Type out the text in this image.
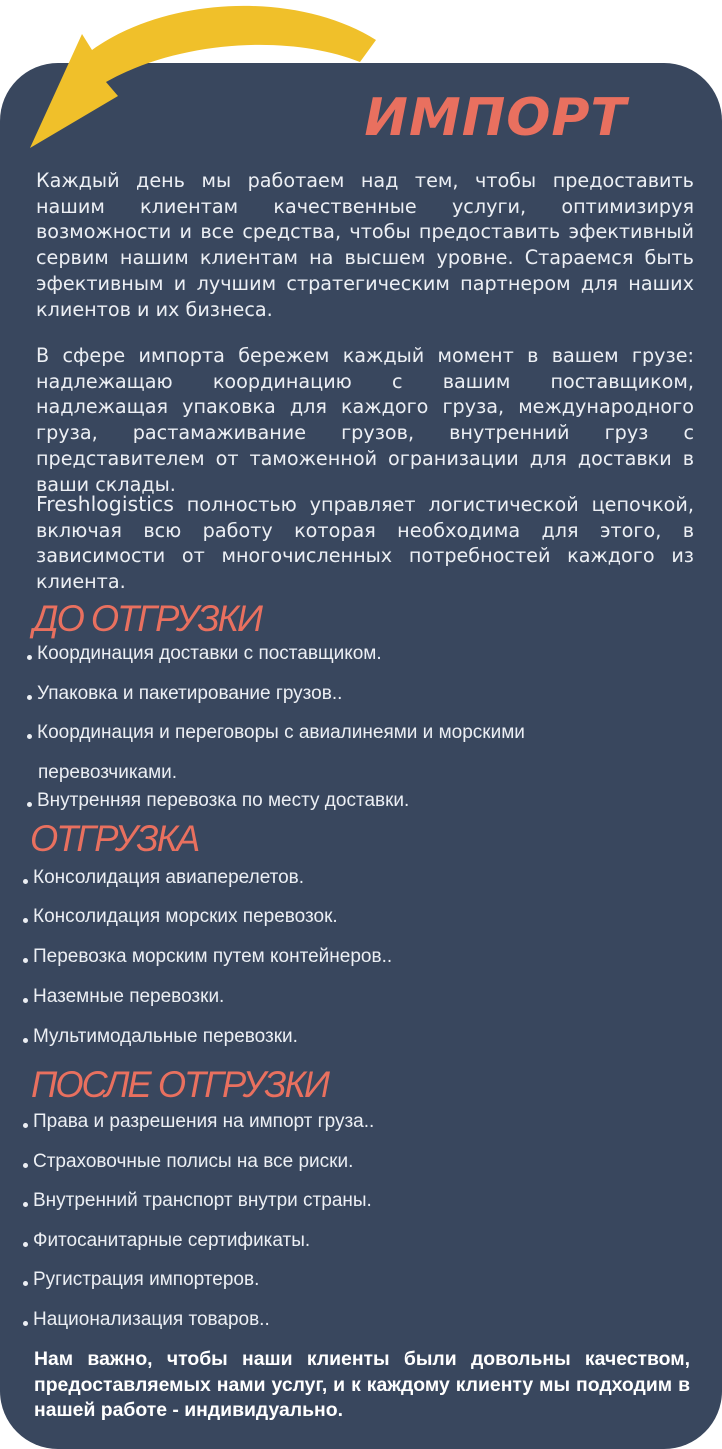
ИМПОРТ

Каждый день мы работаем над тем, чтобы предоставить нашим клиентам качественные услуги, оптимизируя возможности и все средства, чтобы предоставить эфективный сервим нашим клиентам на высшем уровне. Стараемся быть эфективным и лучшим стратегическим партнером для наших клиентов и их бизнеса.

В сфере импорта бережем каждый момент в вашем грузе: надлежащаю координацию с вашим поставщиком, надлежащая упаковка для каждого груза, международного груза, растамаживание грузов, внутренний груз с представителем от таможенной огранизации для доставки в ваши склады.

Freshlogistics полностью управляет логистической цепочкой, включая всю работу которая необходима для этого, в зависимости от многочисленных потребностей каждого из клиента.

ДО ОТГРУЗКИ
Координация доставки с поставщиком.
Упаковка и пакетирование грузов..
Координация и переговоры с авиалинеями и морскими
перевозчиками.
Внутренняя перевозка по месту доставки.
ОТГРУЗКА
Консолидация авиаперелетов.
Консолидация морских перевозок.
Перевозка морским путем контейнеров..
Наземные перевозки.
Мультимодальные перевозки.
ПОСЛЕ ОТГРУЗКИ
Права и разрешения на импорт груза..
Страховочные полисы на все риски.
Внутренний транспорт внутри страны.
Фитосанитарные сертификаты.
Ругистрация импортеров.
Национализация товаров..

Нам важно, чтобы наши клиенты были довольны качеством, предоставляемых нами услуг, и к каждому клиенту мы подходим в нашей работе - индивидуально.
